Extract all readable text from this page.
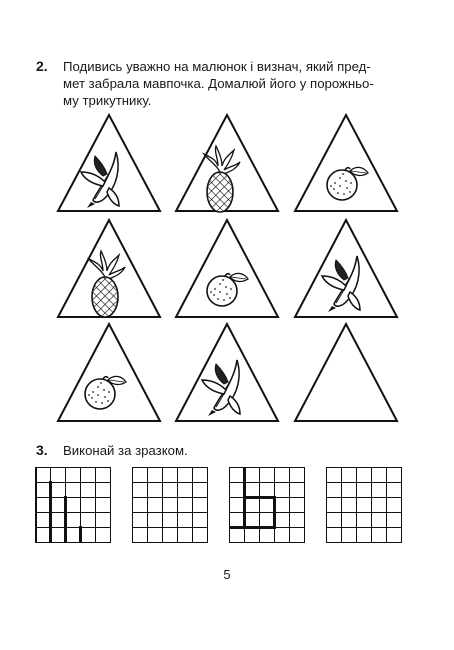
2. Подивись уважно на малюнок і визнач, який пред-
мет забрала мавпочка. Домалюй його у порожньо-
му трикутнику.
3. Виконай за зразком.
5
